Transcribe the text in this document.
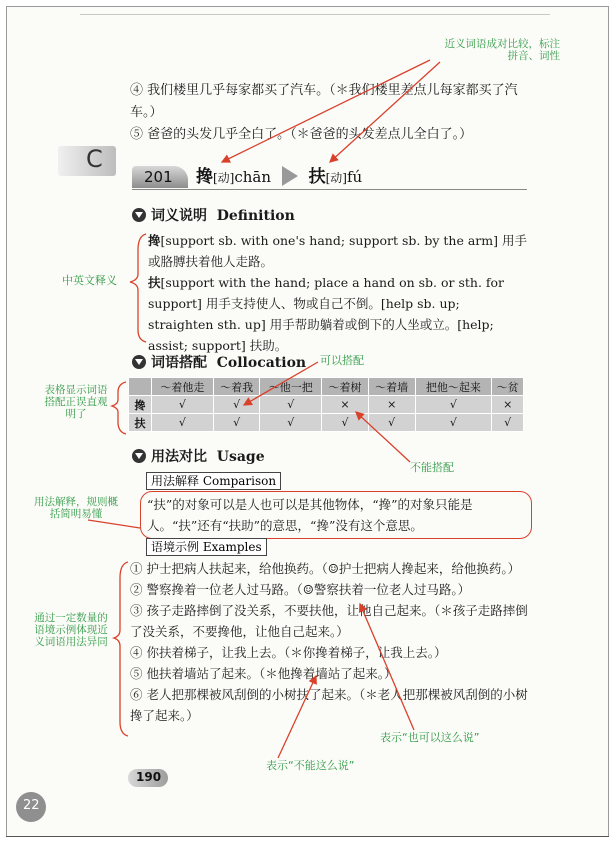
近义词语成对比较，标注拼音、词性
④ 我们楼里几乎每家都买了汽车。（＊我们楼里差点儿每家都买了汽车。）
⑤ 爸爸的头发几乎全白了。（＊爸爸的头发差点儿全白了。）
C
201 搀[动]chān 扶[动]fú
词义说明 Definition
中英文释义
搀[support sb. with one's hand; support sb. by the arm] 用手或胳膊扶着他人走路。
扶[support with the hand; place a hand on sb. or sth. for support] 用手支持使人、物或自己不倒。[help sb. up; straighten sth. up] 用手帮助躺着或倒下的人坐或立。[help; assist; support] 扶助。
词语搭配 Collocation 可以搭配
表格显示词语搭配正误直观明了
	～着他走	～着我	～他一把	～着树	～着墙	把他～起来	～贫
搀	√	√	√	×	×	√	×
扶	√	√	√	√	√	√	√
不能搭配
用法对比 Usage
用法解释 Comparison
用法解释，规则概括简明易懂
“扶”的对象可以是人也可以是其他物体，“搀”的对象只能是人。“扶”还有“扶助”的意思，“搀”没有这个意思。
语境示例 Examples
通过一定数量的语境示例体现近义词语用法异同
① 护士把病人扶起来，给他换药。（☺护士把病人搀起来，给他换药。）
② 警察搀着一位老人过马路。（☺警察扶着一位老人过马路。）
③ 孩子走路摔倒了没关系，不要扶他，让他自己起来。（＊孩子走路摔倒了没关系，不要搀他，让他自己起来。）
④ 你扶着梯子，让我上去。（＊你搀着梯子，让我上去。）
⑤ 他扶着墙站了起来。（＊他搀着墙站了起来。）
⑥ 老人把那棵被风刮倒的小树扶了起来。（＊老人把那棵被风刮倒的小树搀了起来。）
表示“也可以这么说”
表示“不能这么说”
190
22
